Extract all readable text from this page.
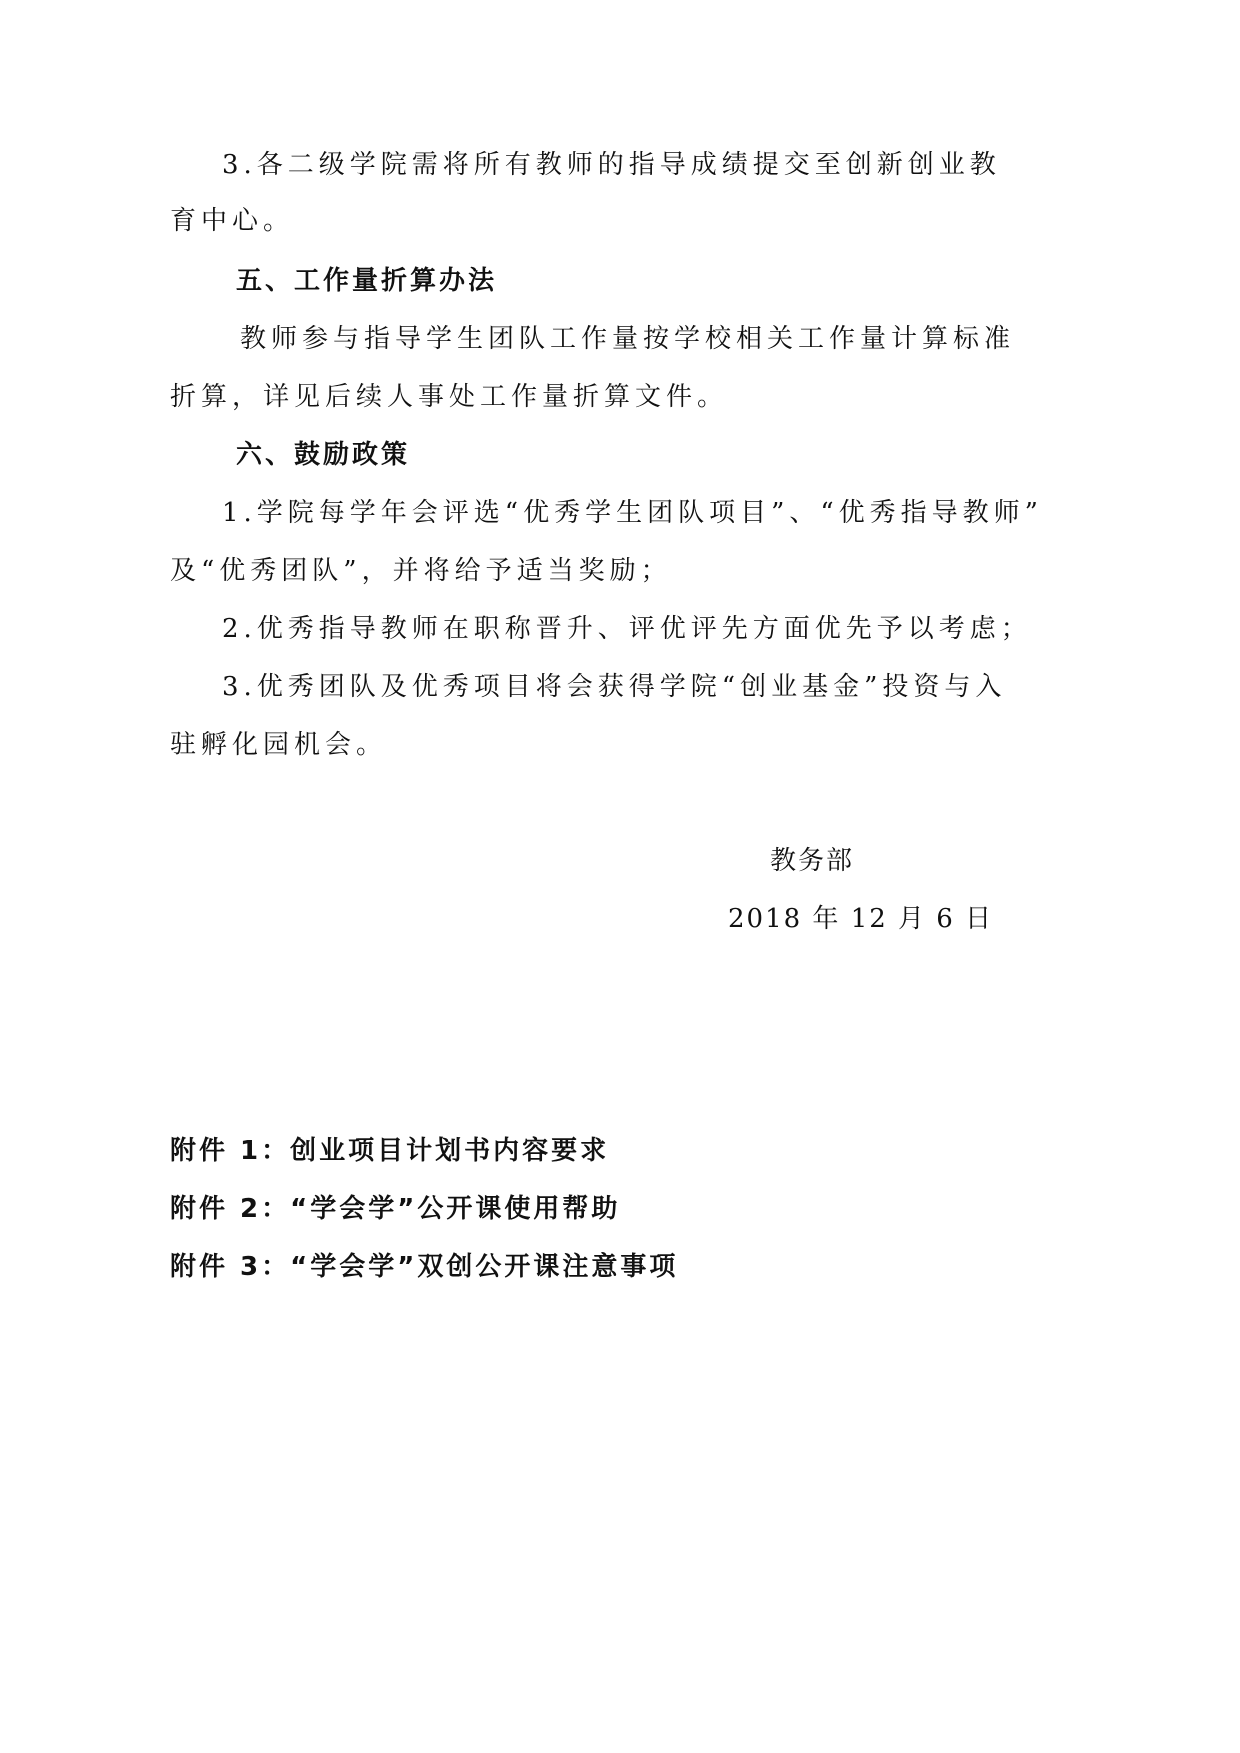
3.各二级学院需将所有教师的指导成绩提交至创新创业教
育中心。
五、工作量折算办法
教师参与指导学生团队工作量按学校相关工作量计算标准
折算，详见后续人事处工作量折算文件。
六、鼓励政策
1.学院每学年会评选“优秀学生团队项目”、“优秀指导教师”
及“优秀团队”，并将给予适当奖励；
2.优秀指导教师在职称晋升、评优评先方面优先予以考虑；
3.优秀团队及优秀项目将会获得学院“创业基金”投资与入
驻孵化园机会。
教务部
2018 年 12 月 6 日
附件 1：创业项目计划书内容要求
附件 2：“学会学”公开课使用帮助
附件 3：“学会学”双创公开课注意事项
